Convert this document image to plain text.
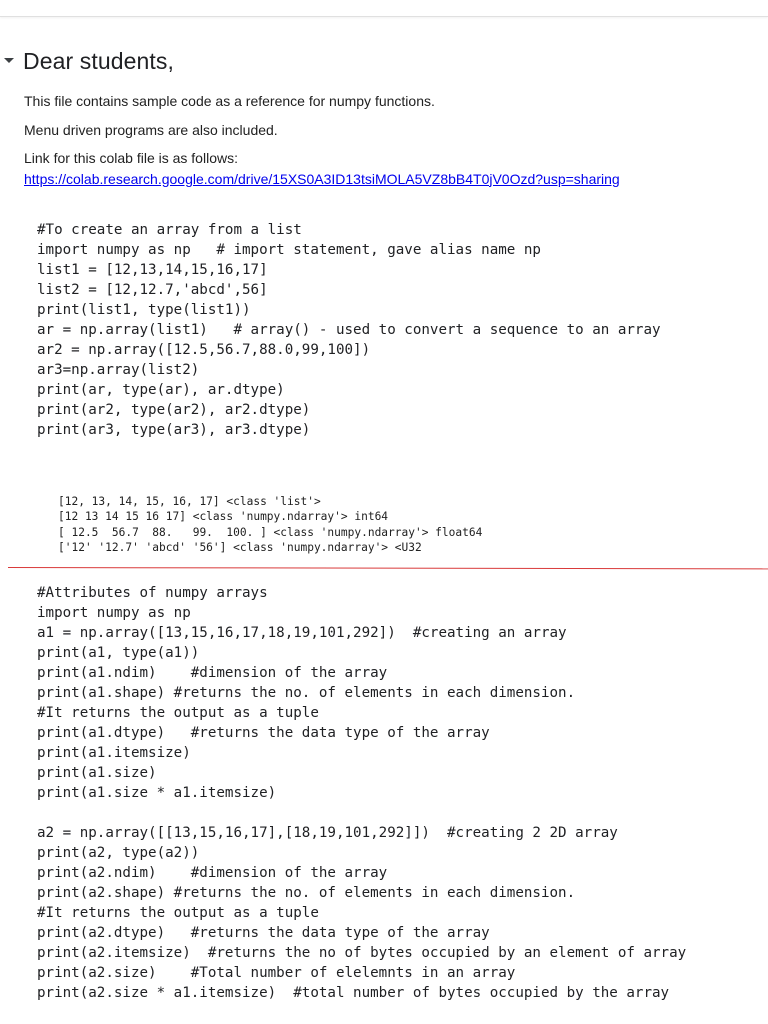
Dear students,

This file contains sample code as a reference for numpy functions.

Menu driven programs are also included.

Link for this colab file is as follows:

https://colab.research.google.com/drive/15XS0A3ID13tsiMOLA5VZ8bB4T0jV0Ozd?usp=sharing
#To create an array from a list
import numpy as np   # import statement, gave alias name np
list1 = [12,13,14,15,16,17]
list2 = [12,12.7,'abcd',56]
print(list1, type(list1))
ar = np.array(list1)   # array() - used to convert a sequence to an array
ar2 = np.array([12.5,56.7,88.0,99,100])
ar3=np.array(list2)
print(ar, type(ar), ar.dtype)
print(ar2, type(ar2), ar2.dtype)
print(ar3, type(ar3), ar3.dtype)
[12, 13, 14, 15, 16, 17] <class 'list'>
[12 13 14 15 16 17] <class 'numpy.ndarray'> int64
[ 12.5  56.7  88.   99.  100. ] <class 'numpy.ndarray'> float64
['12' '12.7' 'abcd' '56'] <class 'numpy.ndarray'> <U32
#Attributes of numpy arrays
import numpy as np
a1 = np.array([13,15,16,17,18,19,101,292])  #creating an array
print(a1, type(a1))
print(a1.ndim)    #dimension of the array
print(a1.shape) #returns the no. of elements in each dimension.
#It returns the output as a tuple
print(a1.dtype)   #returns the data type of the array
print(a1.itemsize)
print(a1.size)
print(a1.size * a1.itemsize)
a2 = np.array([[13,15,16,17],[18,19,101,292]])  #creating 2 2D array
print(a2, type(a2))
print(a2.ndim)    #dimension of the array
print(a2.shape) #returns the no. of elements in each dimension.
#It returns the output as a tuple
print(a2.dtype)   #returns the data type of the array
print(a2.itemsize)  #returns the no of bytes occupied by an element of array
print(a2.size)    #Total number of elelemnts in an array
print(a2.size * a1.itemsize)  #total number of bytes occupied by the array
